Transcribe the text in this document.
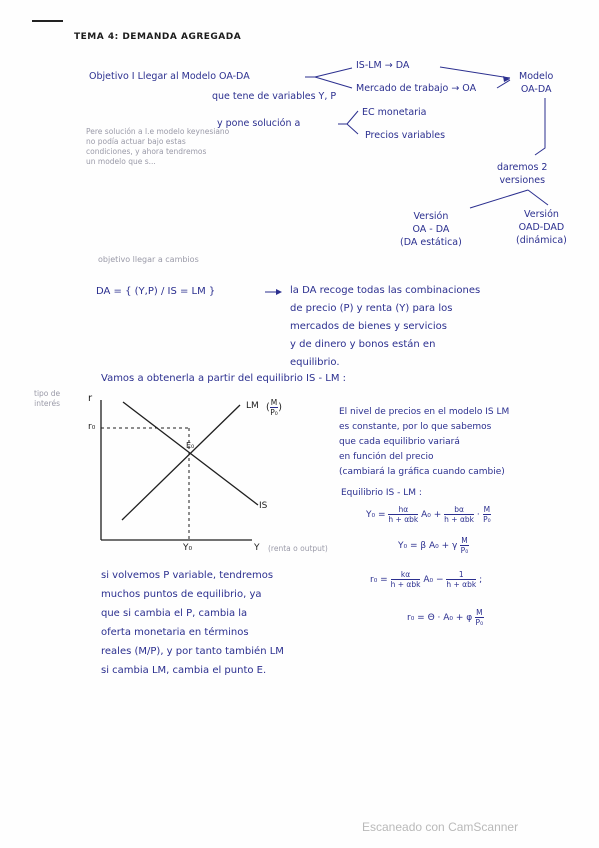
TEMA 4: DEMANDA AGREGADA
Objetivo I Llegar al Modelo OA-DA
que tene de variables Y, P
y pone solución a
IS-LM → DA
Mercado de trabajo → OA
EC monetaria
Precios variables
Modelo
OA-DA
daremos 2
versiones
Versión
OA - DA
(DA estática)
Versión
OAD-DAD
(dinámica)
Pere solución a l.e modelo keynesiano
no podía actuar bajo estas
condiciones, y ahora tendremos
un modelo que s...
objetivo llegar a cambios
DA = { (Y,P) / IS = LM }	la DA recoge todas las combinaciones
de precio (P) y renta (Y) para los
mercados de bienes y servicios
y de dinero y bonos están en
equilibrio.
Vamos a obtenerla a partir del equilibrio IS - LM :
tipo de
interés	r
r₀
LM ( $\frac{M}{\text{P₀}}$ )
E₀
IS
Y₀	Y (renta o output)
El nivel de precios en el modelo IS LM
es constante, por lo que sabemos
que cada equilibrio variará
en función del precio
(cambiará la gráfica cuando cambie)
Equilibrio IS - LM :
Y₀ =
hα
h + αbk A₀ +
bα
$h + \alpha bk \cdot \frac{M}{\text{P₀}}$
Y₀ = β A₀ + γ $\frac{M}{\text{P₀}}$
r₀ =
kα
h + αbk A₀ −
1
h + αbk ;
r₀ = Θ · A₀ + φ $\frac{M}{\text{P₀}}$
si volvemos P variable, tendremos
muchos puntos de equilibrio, ya
que si cambia el P, cambia la
oferta monetaria en términos
reales (M/P), y por tanto también LM
si cambia LM, cambia el punto E.
Escaneado con CamScanner
